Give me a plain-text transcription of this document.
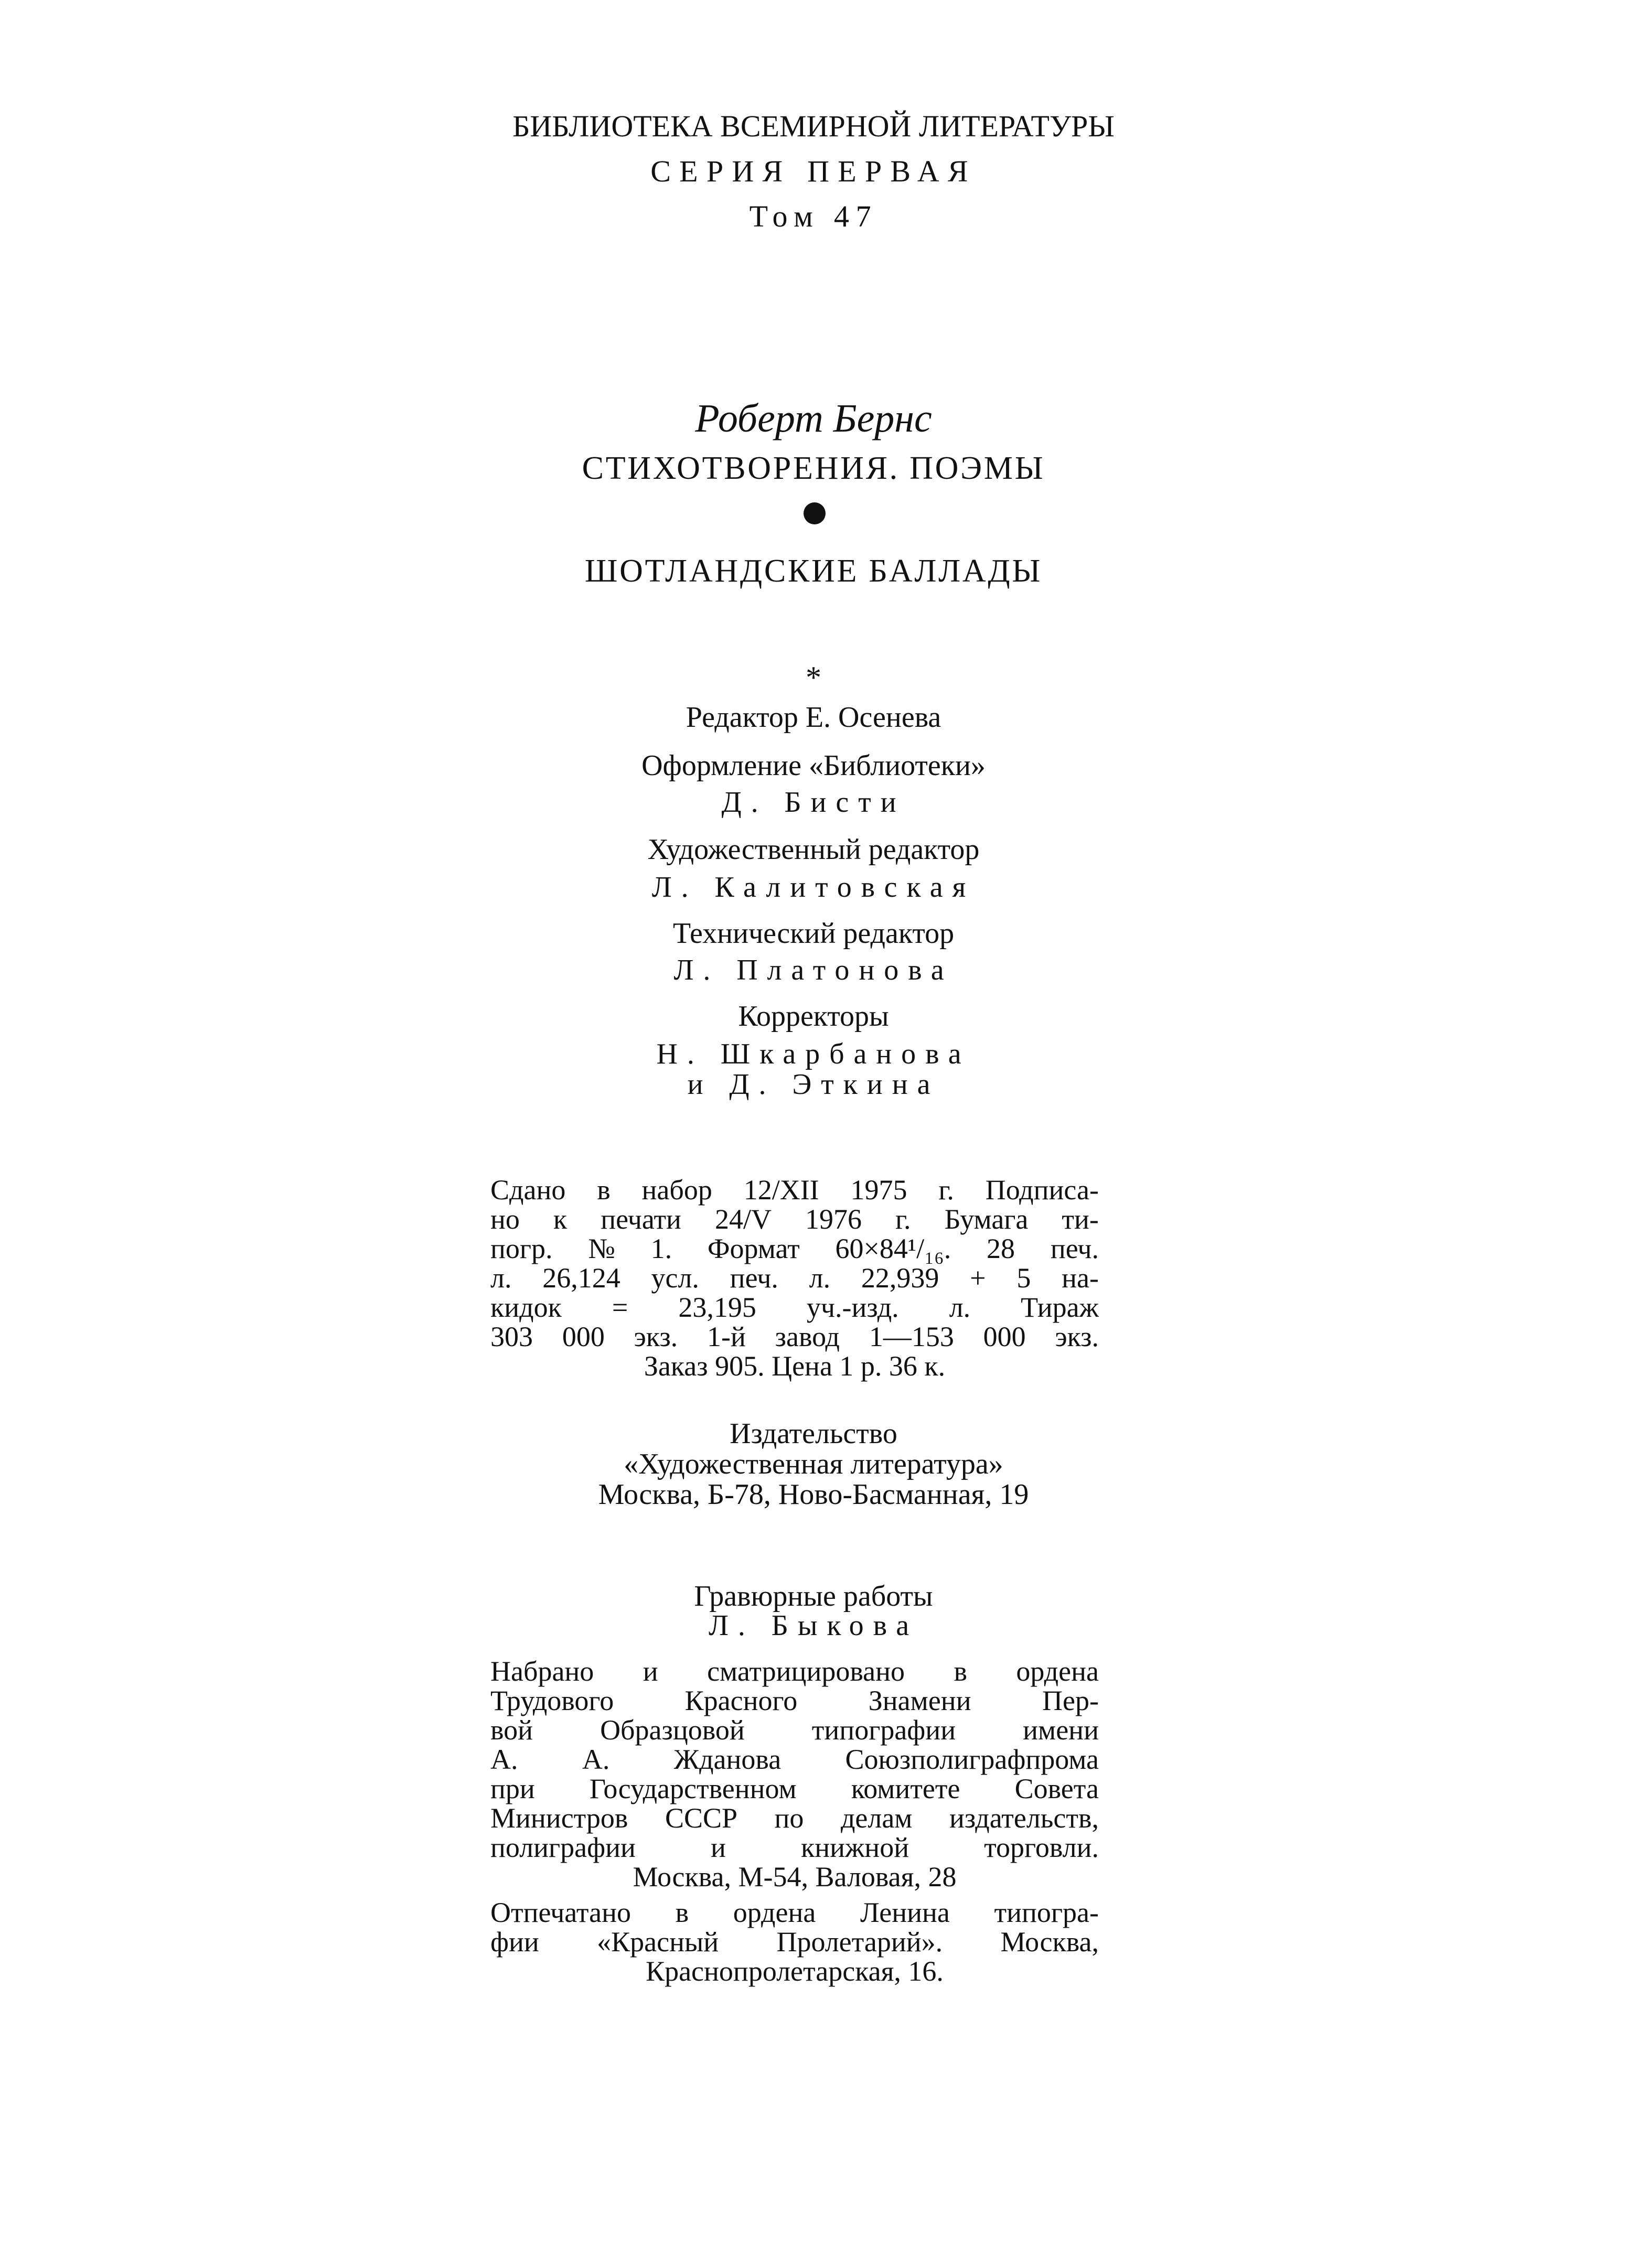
БИБЛИОТЕКА ВСЕМИРНОЙ ЛИТЕРАТУРЫ
СЕРИЯ ПЕРВАЯ
Том 47
Роберт Бернс
СТИХОТВОРЕНИЯ. ПОЭМЫ
ШОТЛАНДСКИЕ БАЛЛАДЫ
*
Редактор Е. Осенева
Оформление «Библиотеки»
Д. Бисти
Художественный редактор
Л. Калитовская
Технический редактор
Л. Платонова
Корректоры
Н. Шкарбанова
и Д. Эткина
Сдано в набор 12/XII 1975 г. Подписа-
но к печати 24/V 1976 г. Бумага ти-
погр. № 1. Формат 60×84¹/₁₆. 28 печ.
л. 26,124 усл. печ. л. 22,939 + 5 на-
кидок = 23,195 уч.-изд. л. Тираж
303 000 экз. 1-й завод 1—153 000 экз.
Заказ 905. Цена 1 р. 36 к.
Издательство
«Художественная литература»
Москва, Б-78, Ново-Басманная, 19
Гравюрные работы
Л. Быкова
Набрано и сматрицировано в ордена
Трудового	Красного	Знамени	Пер-
вой Образцовой типографии имени
А. А. Жданова Союзполиграфпрома
при Государственном комитете Совета
Министров СССР по делам издательств,
полиграфии	и	книжной	торговли.
Москва, М-54, Валовая, 28
Отпечатано в ордена Ленина типогра-
фии «Красный Пролетарий». Москва,
Краснопролетарская, 16.
